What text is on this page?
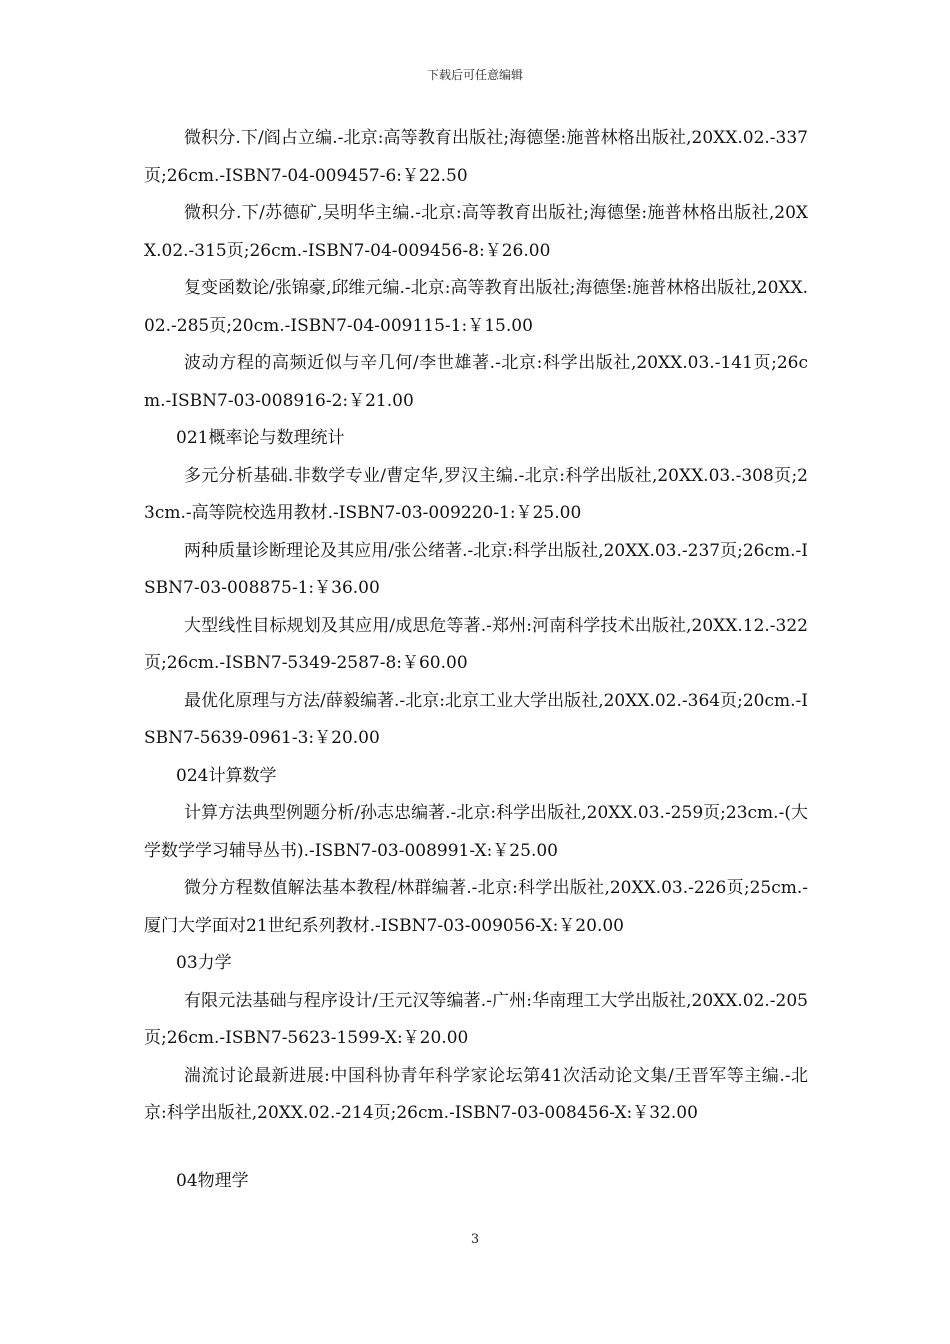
下载后可任意编辑

微积分.下/阎占立编.-北京:高等教育出版社;海德堡:施普林格出版社,20XX.02.-337页;26cm.-ISBN7-04-009457-6:￥22.50

微积分.下/苏德矿,吴明华主编.-北京:高等教育出版社;海德堡:施普林格出版社,20XX.02.-315页;26cm.-ISBN7-04-009456-8:￥26.00

复变函数论/张锦豪,邱维元编.-北京:高等教育出版社;海德堡:施普林格出版社,20XX.02.-285页;20cm.-ISBN7-04-009115-1:￥15.00

波动方程的高频近似与辛几何/李世雄著.-北京:科学出版社,20XX.03.-141页;26cm.-ISBN7-03-008916-2:￥21.00

021概率论与数理统计

多元分析基础.非数学专业/曹定华,罗汉主编.-北京:科学出版社,20XX.03.-308页;23cm.-高等院校选用教材.-ISBN7-03-009220-1:￥25.00

两种质量诊断理论及其应用/张公绪著.-北京:科学出版社,20XX.03.-237页;26cm.-ISBN7-03-008875-1:￥36.00

大型线性目标规划及其应用/成思危等著.-郑州:河南科学技术出版社,20XX.12.-322页;26cm.-ISBN7-5349-2587-8:￥60.00

最优化原理与方法/薛毅编著.-北京:北京工业大学出版社,20XX.02.-364页;20cm.-ISBN7-5639-0961-3:￥20.00

024计算数学

计算方法典型例题分析/孙志忠编著.-北京:科学出版社,20XX.03.-259页;23cm.-(大学数学学习辅导丛书).-ISBN7-03-008991-X:￥25.00

微分方程数值解法基本教程/林群编著.-北京:科学出版社,20XX.03.-226页;25cm.-厦门大学面对21世纪系列教材.-ISBN7-03-009056-X:￥20.00

03力学

有限元法基础与程序设计/王元汉等编著.-广州:华南理工大学出版社,20XX.02.-205页;26cm.-ISBN7-5623-1599-X:￥20.00

湍流讨论最新进展:中国科协青年科学家论坛第41次活动论文集/王晋军等主编.-北京:科学出版社,20XX.02.-214页;26cm.-ISBN7-03-008456-X:￥32.00

04物理学

3
